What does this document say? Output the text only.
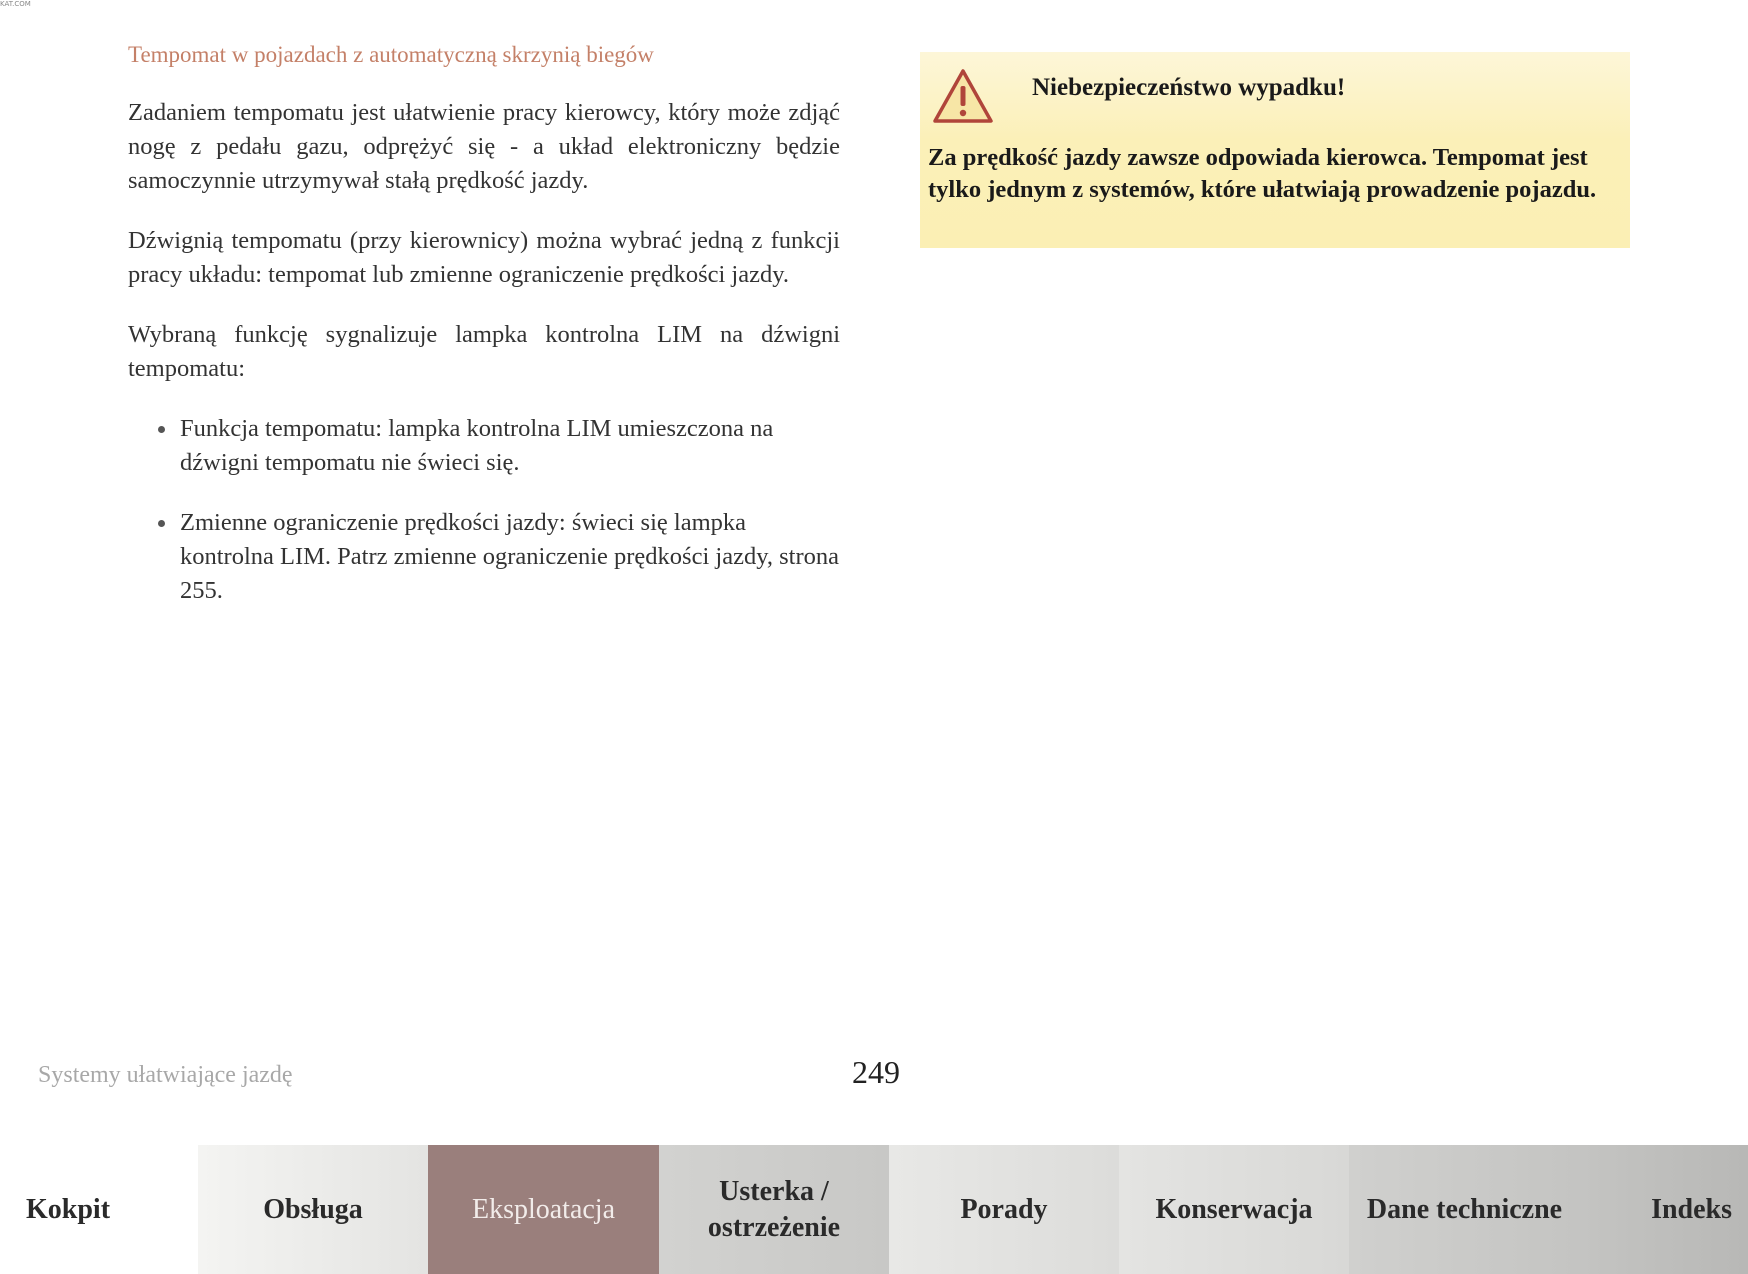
KAT.COM
Tempomat w pojazdach z automatyczną skrzynią biegów

Zadaniem tempomatu jest ułatwienie pracy kierowcy, który może zdjąć nogę z pedału gazu, odprężyć się - a układ elektroniczny będzie samoczynnie utrzymywał stałą prędkość jazdy.

Dźwignią tempomatu (przy kierownicy) można wybrać jedną z funkcji pracy układu: tempomat lub zmienne ograniczenie prędkości jazdy.

Wybraną funkcję sygnalizuje lampka kontrolna LIM na dźwigni tempomatu:

Funkcja tempomatu: lampka kontrolna LIM umieszczona na dźwigni tempomatu nie świeci się.
Zmienne ograniczenie prędkości jazdy: świeci się lampka kontrolna LIM. Patrz zmienne ograniczenie prędkości jazdy, strona 255.
Niebezpieczeństwo wypadku!
Za prędkość jazdy zawsze odpowiada kierowca. Tempomat jest tylko jednym z systemów, które ułatwiają prowadzenie pojazdu.
Systemy ułatwiające jazdę	249
Kokpit	Obsługa	Eksploatacja
Usterka / ostrzeżenie
Porady	Konserwacja	Dane techniczne	Indeks
